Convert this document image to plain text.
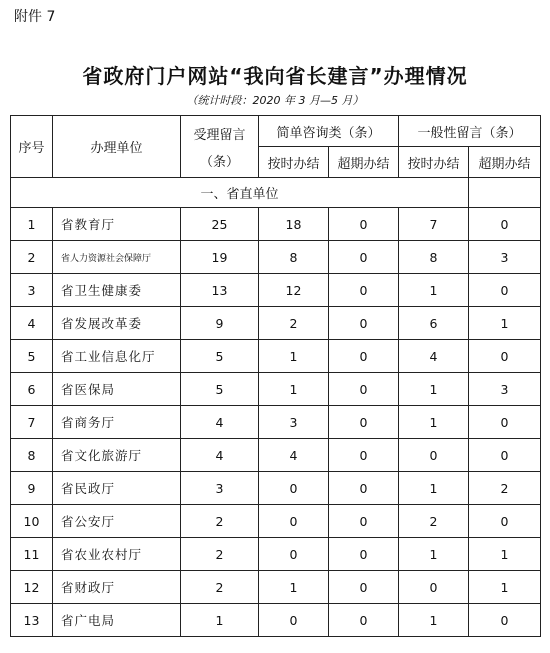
附件 7
省政府门户网站“我向省长建言”办理情况
（统计时段：2020 年 3 月—5 月）
序号	办理单位	受理留言
（条）	简单咨询类（条）		一般性留言（条）	
			按时办结	超期办结	按时办结	超期办结
一、省直单位						
1	省教育厅	25	18	0	7	0
2	省人力资源社会保障厅	19	8	0	8	3
3	省卫生健康委	13	12	0	1	0
4	省发展改革委	9	2	0	6	1
5	省工业信息化厅	5	1	0	4	0
6	省医保局	5	1	0	1	3
7	省商务厅	4	3	0	1	0
8	省文化旅游厅	4	4	0	0	0
9	省民政厅	3	0	0	1	2
10	省公安厅	2	0	0	2	0
11	省农业农村厅	2	0	0	1	1
12	省财政厅	2	1	0	0	1
13	省广电局	1	0	0	1	0
